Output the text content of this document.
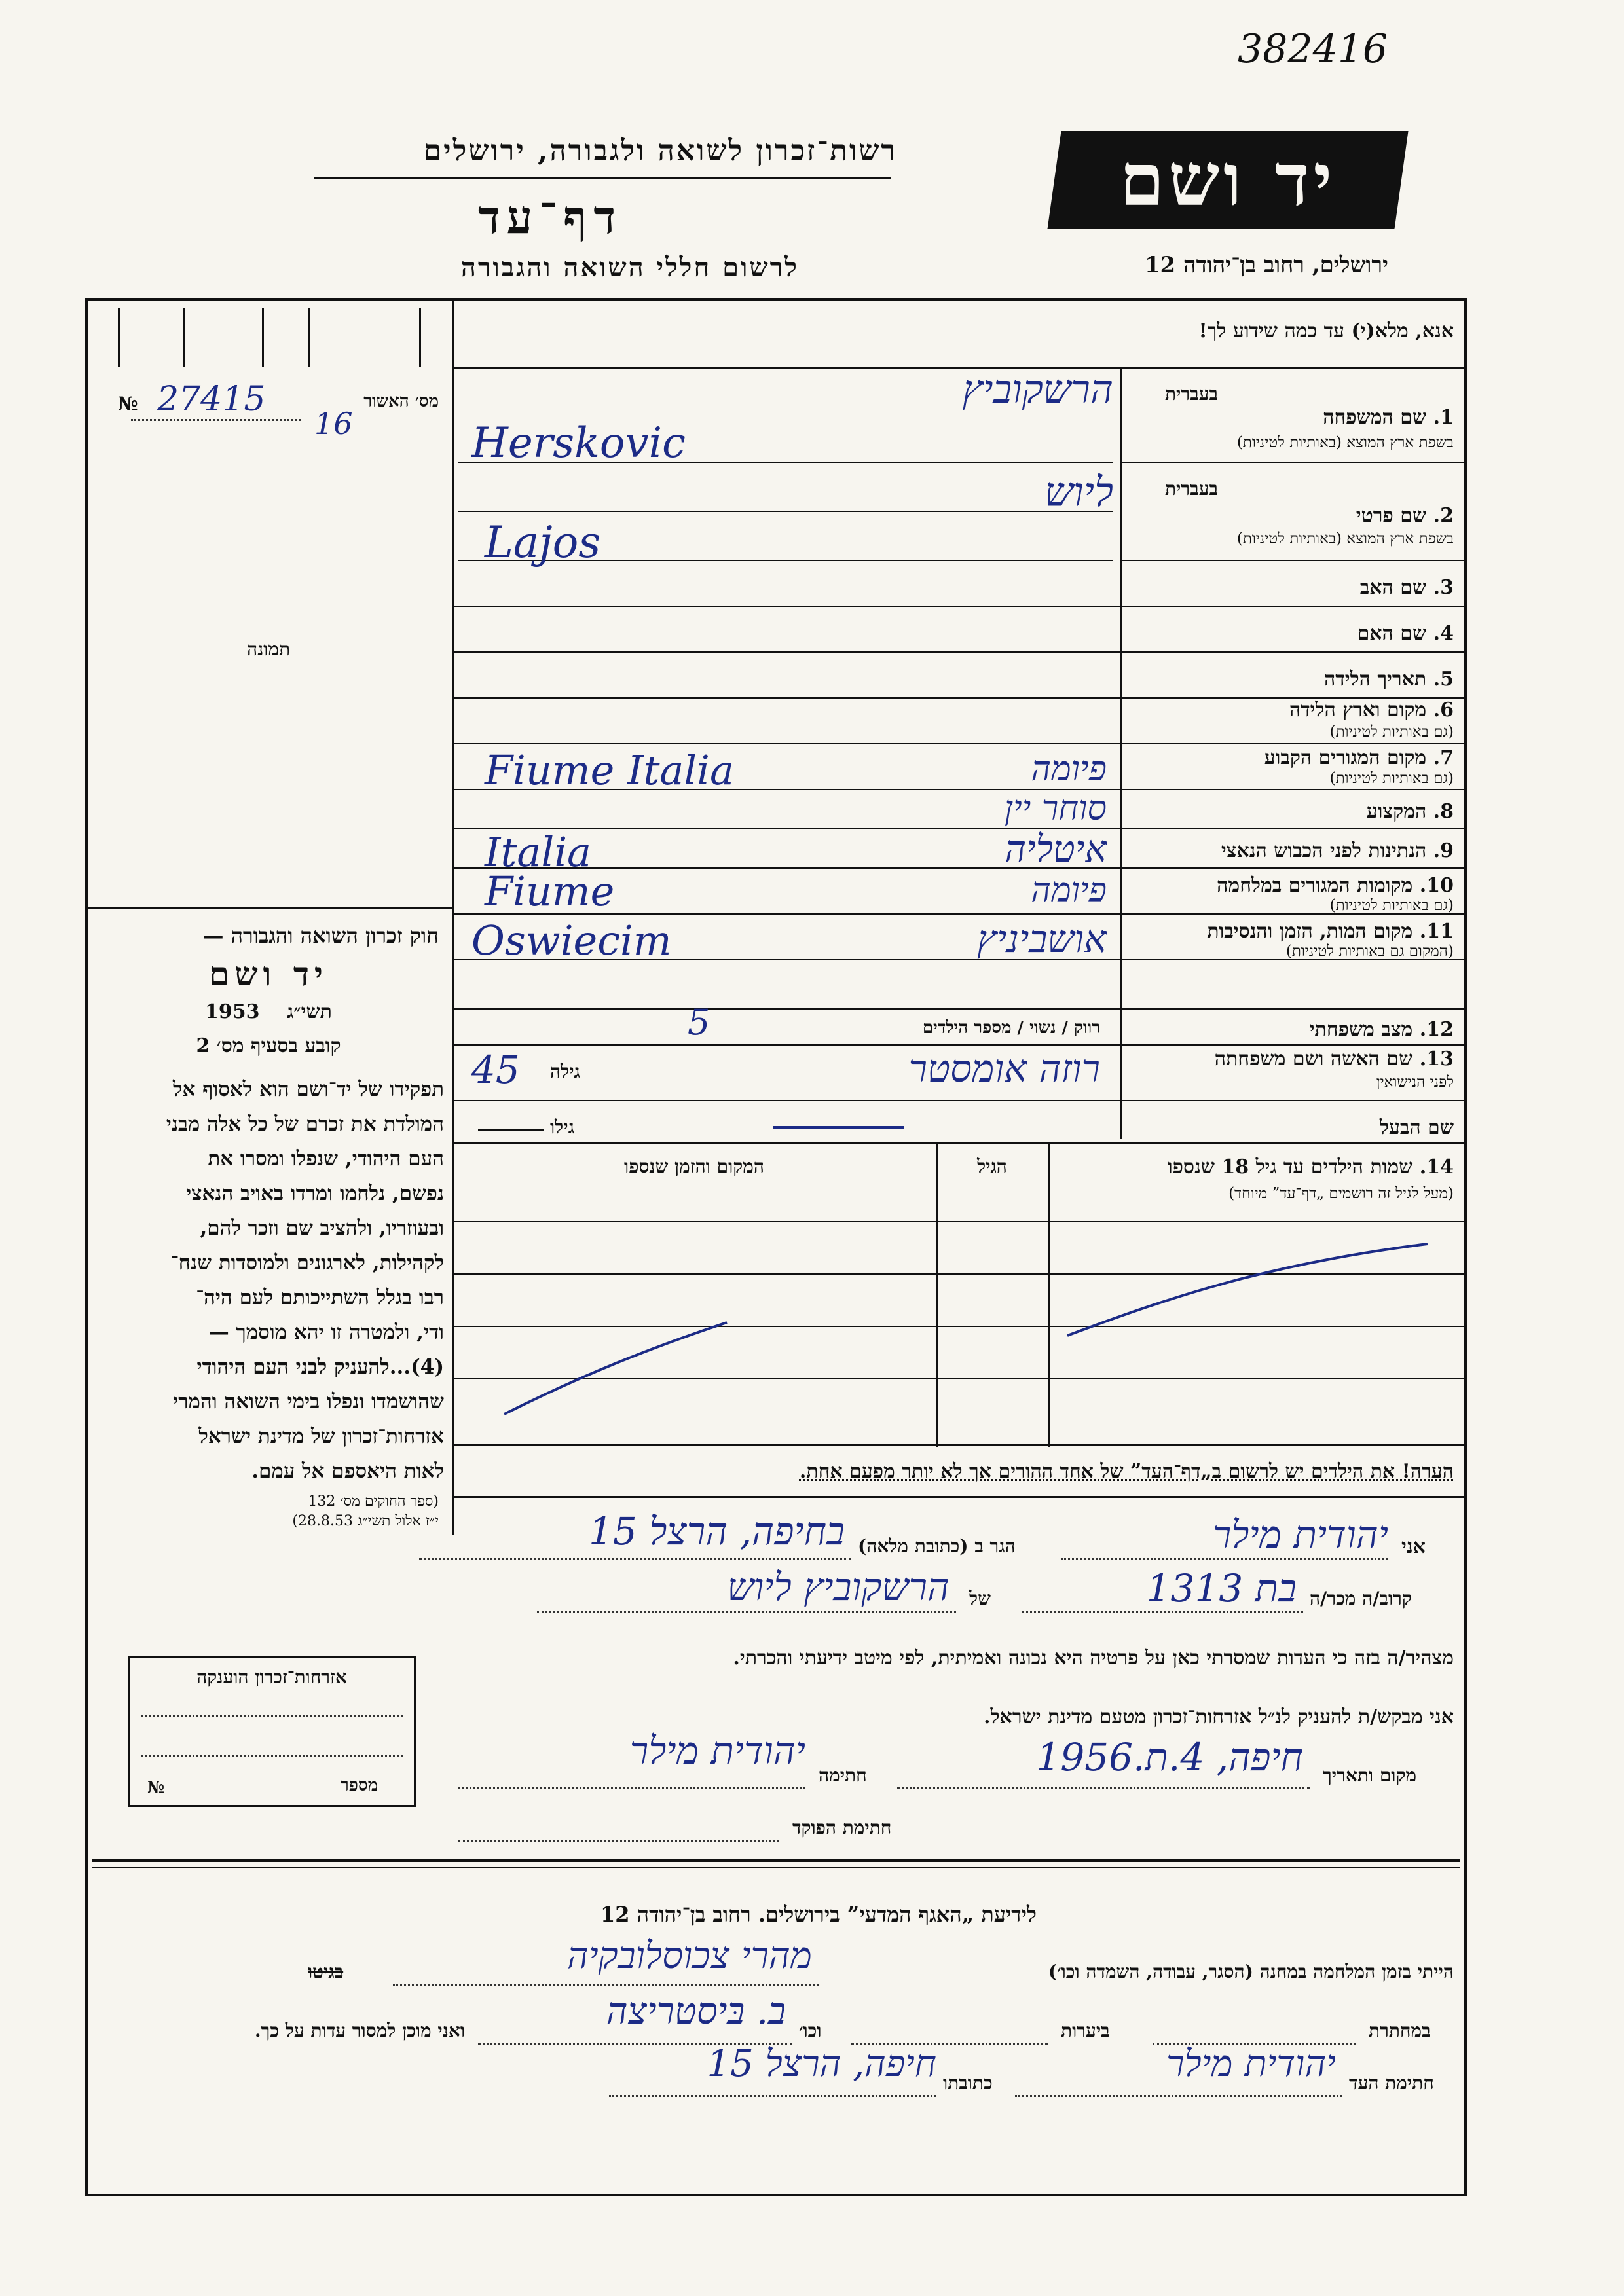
382416
רשות־זכרון לשואה ולגבורה, ירושלים
דף־עד
לרשום חללי השואה והגבורה
יד ושם
ירושלים, רחוב בן־יהודה 12
אנא, מלא(י) עד כמה שידוע לך!
№ 27415
16
מס׳ האשור
תמונה
חוק זכרון השואה והגבורה —
יד ושם
תשי״ג    1953
קובע בסעיף מס׳ 2
תפקידו של יד־ושם הוא לאסוף אל
המולדת את זכרם של כל אלה מבני
העם היהודי, שנפלו ומסרו את
נפשם, נלחמו ומרדו באויב הנאצי
ובעוזריו, ולהציב שם וזכר להם,
לקהילות, לארגונים ולמוסדות שנח־
רבו בגלל השתייכותם לעם היה־
ודי, ולמטרה זו יהא מוסמך —
(4)...להעניק לבני העם היהודי
שהושמדו ונפלו בימי השואה והמרי
אזרחות־זכרון של מדינת ישראל
לאות היאספם אל עמם.
(ספר החוקים מס׳ 132
י״ז אלול תשי״ג 28.8.53)
בעברית
1. שם המשפחה
בשפת ארץ המוצא (באותיות לטיניות)
הרשקוביץ
Herskovic
בעברית
2. שם פרטי
בשפת ארץ המוצא (באותיות לטיניות)
ליוש
Lajos
3. שם האב
4. שם האם
5. תאריך הלידה
6. מקום וארץ הלידה
(גם באותיות לטיניות)
7. מקום המגורים הקבוע
(גם באותיות לטיניות)
Fiume Italia	פיומה
8. המקצוע
סוחר יין
9. הנתינות לפני הכבוש הנאצי
Italia	איטליה
10. מקומות המגורים במלחמה
(גם באותיות לטיניות)
Fiume	פיומה
11. מקום המות, הזמן והנסיבות
(המקום גם באותיות לטיניות)
Oswiecim	אושביניץ
12. מצב משפחתי
רווק / נשוי / מספר הילדים
5
13. שם האשה ושם משפחתה
לפני הנישואין
רוזה אומסטר
גילה
45
שם הבעל
גילו
14. שמות הילדים עד גיל 18 שנספו
(מעל לגיל זה רושמים „דף־עד” מיוחד)
הגיל
המקום והזמן שנספו
הערה! את הילדים יש לרשום ב„דף־העד” של אחד ההורים אך לא יותר מפעם אחת.
אני
יהודית מילר
הגר ב (כתובת מלאה)
בחיפה, הרצל 15
קרוב/ה מכר/ה
בת 1313
של
הרשקוביץ ליוש
מצהיר/ה בזה כי העדות שמסרתי כאן על פרטיה היא נכונה ואמיתית, לפי מיטב ידיעתי והכרתי.
אני מבקש/ת להעניק לנ״ל אזרחות־זכרון מטעם מדינת ישראל.
מקום ותאריך
חיפה, 4.ת.1956
חתימה
יהודית מילר
חתימת הפוקד
אזרחות־זכרון הוענקה
№	מספר
לידיעת „האגף המדעי” בירושלים. רחוב בן־יהודה 12
הייתי בזמן המלחמה במחנה (הסגר, עבודה, השמדה וכו׳)
מהרי צכוסלובקיה
בגיטו
במחתרת
ביערות
וכו׳
ב. בּיסטריצה
ואני מוכן למסור עדות על כך.
חתימת העד
יהודית מילר
כתובתו
חיפה, הרצל 15
